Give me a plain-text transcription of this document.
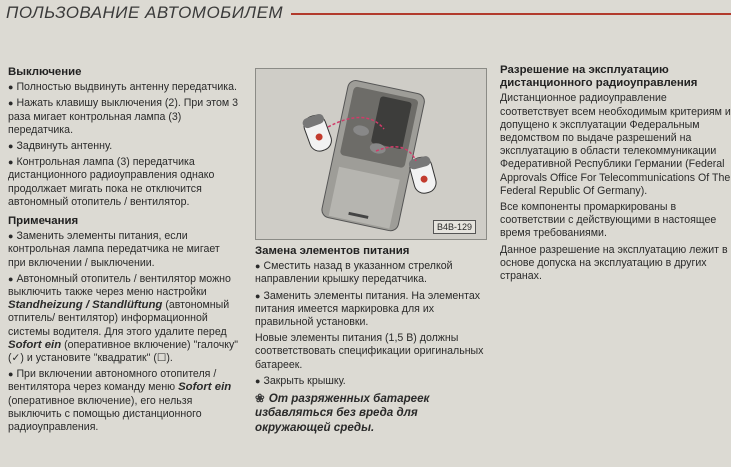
ПОЛЬЗОВАНИЕ АВТОМОБИЛЕМ
Выключение

● Полностью выдвинуть антенну передатчика.

● Нажать клавишу выключения (2). При этом 3 раза мигает контрольная лампа (3) передатчика.

● Задвинуть антенну.

● Контрольная лампа (3) передатчика дистанционного радиоуправления однако продолжает мигать пока не отключится автономный отопитель / вентилятор.

Примечания

● Заменить элементы питания, если контрольная лампа передатчика не мигает при включении / выключении.

● Автономный отопитель / вентилятор можно выключить также через меню настройки Standheizung / Standlüftung (автономный отпитель/ вентилятор) информационной системы водителя. Для этого удалите перед Sofort ein (оперативное включение) "галочку" (✓) и установите "квадратик" (☐).

● При включении автономного отопителя / вентилятора через команду меню Sofort ein (оперативное включение), его нельзя выключить с помощью дистанционного радиоуправления.

B4B-129
Замена элементов питания

● Сместить назад в указанном стрелкой направлении крышку передатчика.

● Заменить элементы питания. На элементах питания имеется маркировка для их правильной установки.

Новые элементы питания (1,5 В) должны соответствовать спецификации оригинальных батареек.

● Закрыть крышку.

❀ От разряженных батареек избавляться без вреда для окружающей среды.
Разрешение на эксплуатацию дистанционного радиоуправления

Дистанционное радиоуправление соответствует всем необходимым критериям и допущено к эксплуатации Федеральным ведомством по выдаче разрешений на эксплуатацию в области телекоммуникации Федеративной Республики Германии (Federal Approvals Office For Telecommunications Of The Federal Republic Of Germany).

Все компоненты промаркированы в соответствии с действующими в настоящее время требованиями.

Данное разрешение на эксплуатацию лежит в основе допуска на эксплуатацию в других странах.
